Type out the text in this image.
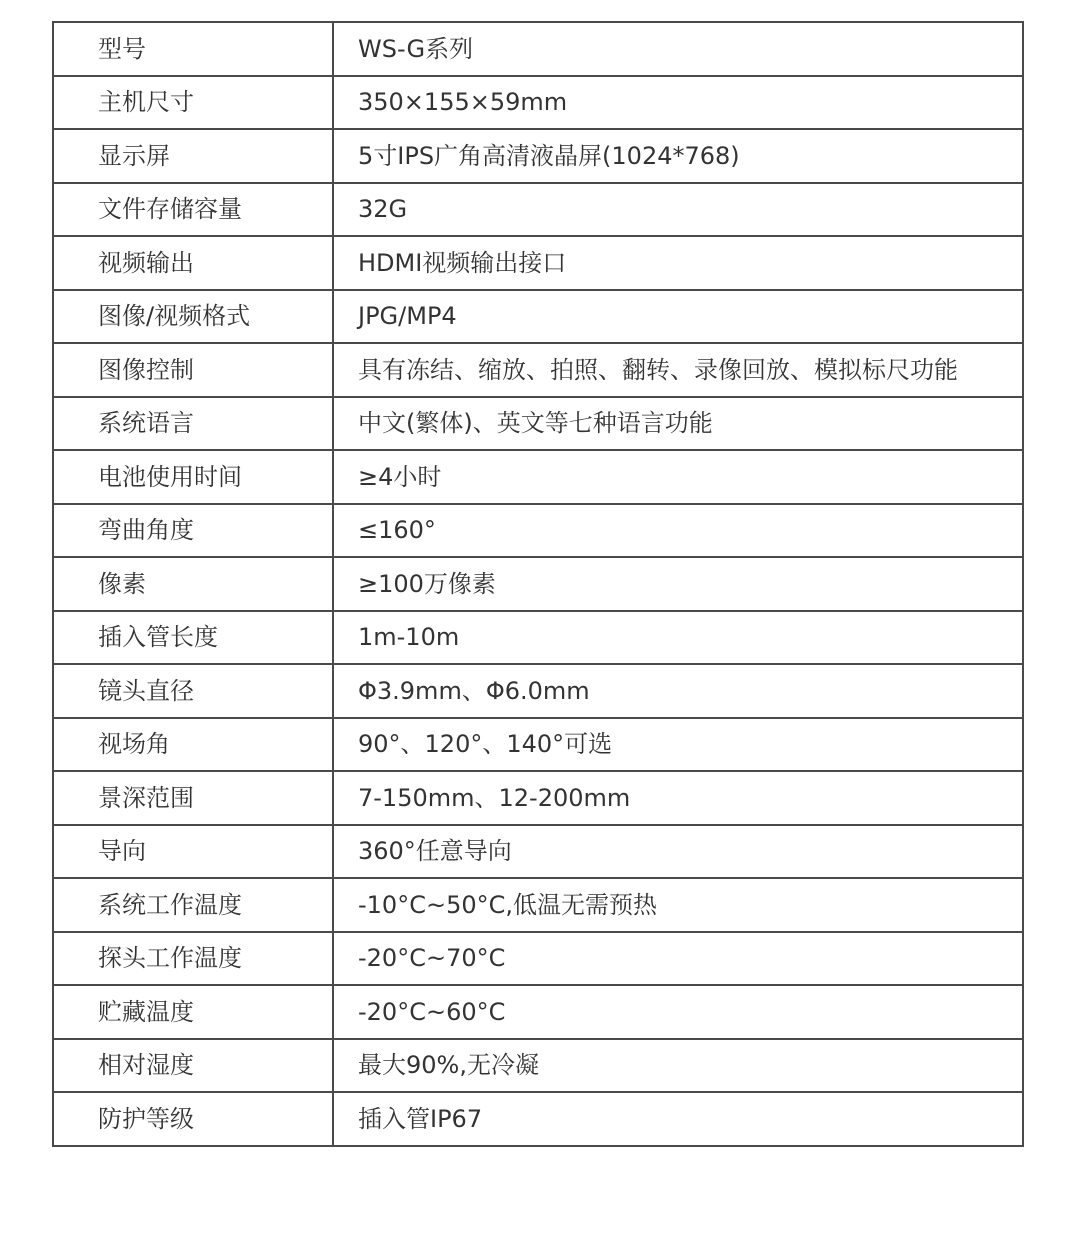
型号	WS-G系列
主机尺寸	350×155×59mm
显示屏	5寸IPS广角高清液晶屏(1024*768)
文件存储容量	32G
视频输出	HDMI视频输出接口
图像/视频格式	JPG/MP4
图像控制	具有冻结、缩放、拍照、翻转、录像回放、模拟标尺功能
系统语言	中文(繁体)、英文等七种语言功能
电池使用时间	≥4小时
弯曲角度	≤160°
像素	≥100万像素
插入管长度	1m-10m
镜头直径	Φ3.9mm、Φ6.0mm
视场角	90°、120°、140°可选
景深范围	7-150mm、12-200mm
导向	360°任意导向
系统工作温度	-10°C~50°C,低温无需预热
探头工作温度	-20°C~70°C
贮藏温度	-20°C~60°C
相对湿度	最大90%,无冷凝
防护等级	插入管IP67
